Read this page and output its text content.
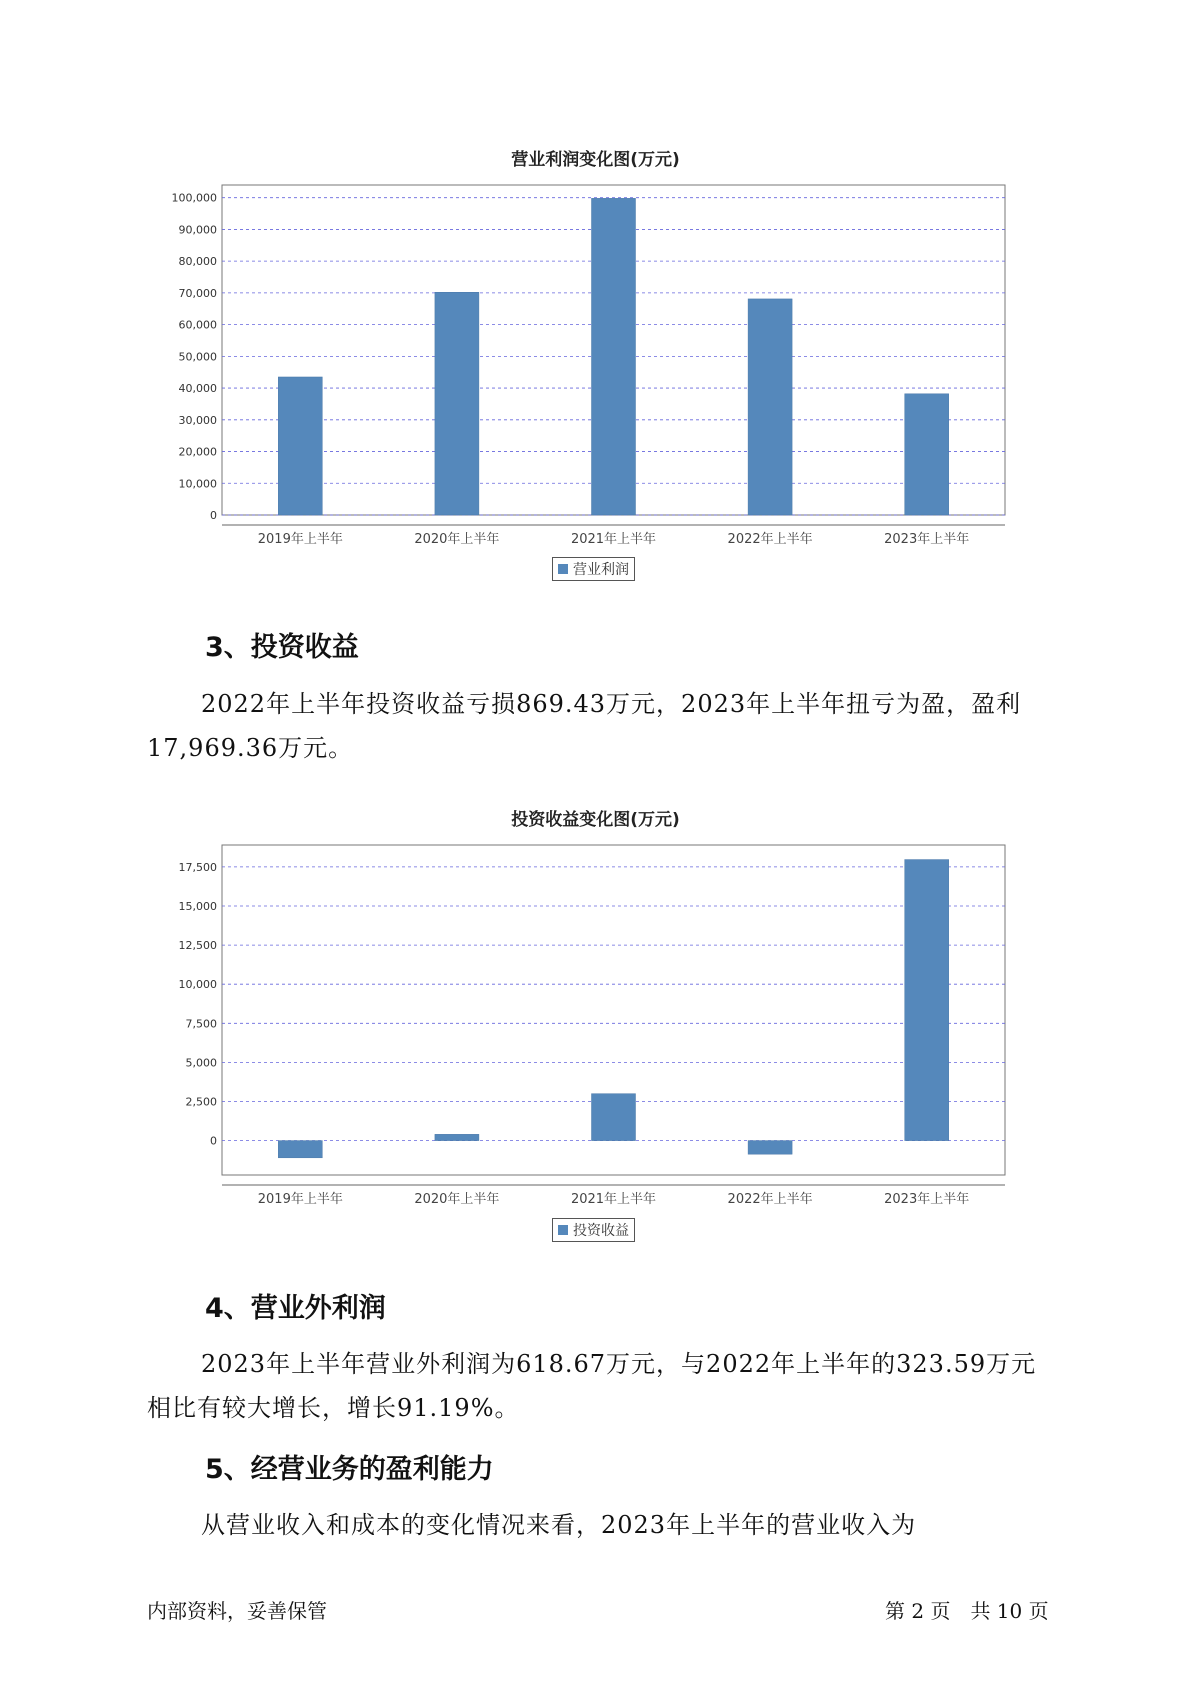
营业利润变化图(万元)
0
10,000
20,000
30,000
40,000
50,000
60,000
70,000
80,000
90,000
100,000
2019年上半年	2020年上半年	2021年上半年	2022年上半年	2023年上半年
营业利润
3、投资收益

2022年上半年投资收益亏损869.43万元，2023年上半年扭亏为盈，盈利17,969.36万元。

投资收益变化图(万元)
0
2,500
5,000
7,500
10,000
12,500
15,000
17,500
2019年上半年	2020年上半年	2021年上半年	2022年上半年	2023年上半年
投资收益
4、营业外利润

2023年上半年营业外利润为618.67万元，与2022年上半年的323.59万元相比有较大增长，增长91.19%。

5、经营业务的盈利能力

从营业收入和成本的变化情况来看，2023年上半年的营业收入为

内部资料，妥善保管	第 2 页　共 10 页
